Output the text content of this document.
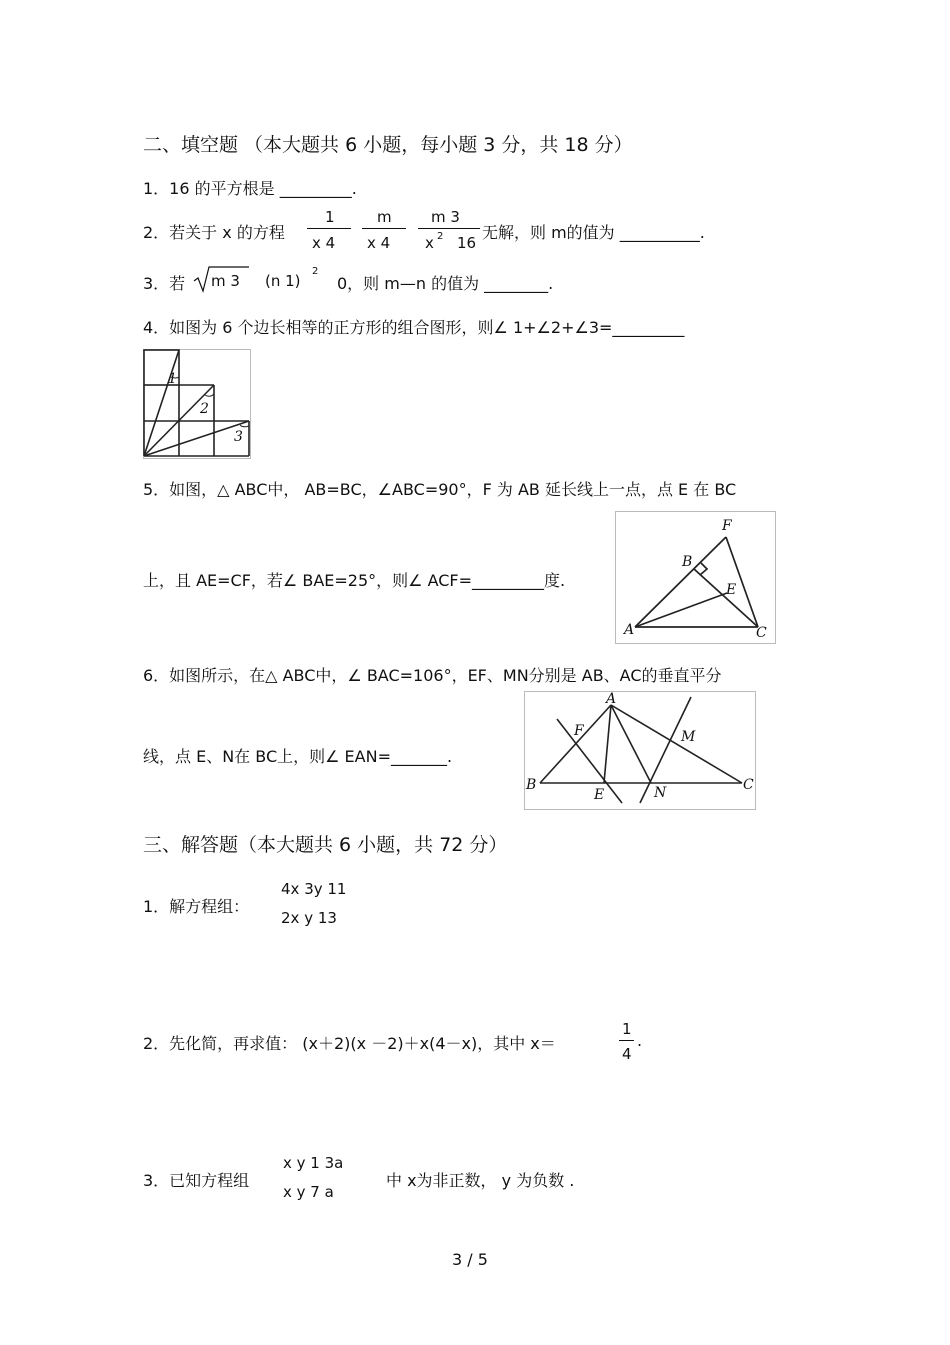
二、填空题 （本大题共 6 小题，每小题 3 分，共 18 分）
1．16 的平方根是 _________.
2．若关于 x 的方程
1
x 4
m
x 4
m 3
x 2 16
无解，则 m的值为 __________.
3．若 m 3 (n 1)
2
0，则 m—n 的值为 ________.
4．如图为 6 个边长相等的正方形的组合图形，则∠ 1+∠2+∠3=_________
1
2
3
5．如图，△ ABC中， AB=BC，∠ABC=90°，F 为 AB 延长线上一点，点 E 在 BC
上，且 AE=CF，若∠ BAE=25°，则∠ ACF=_________度.
F
B
E
A	C
6．如图所示，在△ ABC中，∠ BAC=106°，EF、MN分别是 AB、AC的垂直平分
线，点 E、N在 BC上，则∠ EAN=_______.
A
F	M
B
E	N	C
三、解答题（本大题共 6 小题，共 72 分）
1．解方程组：
4x 3y 11
2x y 13
2．先化简，再求值： (x＋2)(x －2)＋x(4－x)，其中 x＝
1
4
.
3．已知方程组
x y 1 3a
x y 7 a
中 x为非正数， y 为负数 .
3 / 5
